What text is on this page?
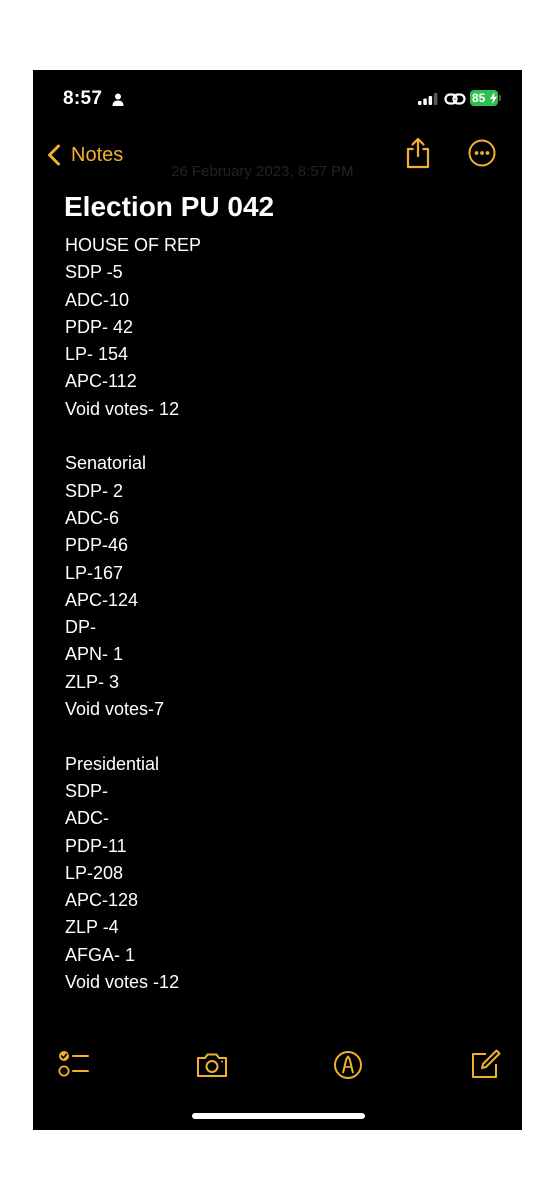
8:57	85
Notes
26 February 2023, 8:57 PM
Election PU 042
HOUSE OF REP
SDP -5
ADC-10
PDP- 42
LP- 154
APC-112
Void votes- 12

Senatorial
SDP- 2
ADC-6
PDP-46
LP-167
APC-124
DP-
APN- 1
ZLP- 3
Void votes-7

Presidential
SDP-
ADC-
PDP-11
LP-208
APC-128
ZLP -4
AFGA- 1
Void votes -12
